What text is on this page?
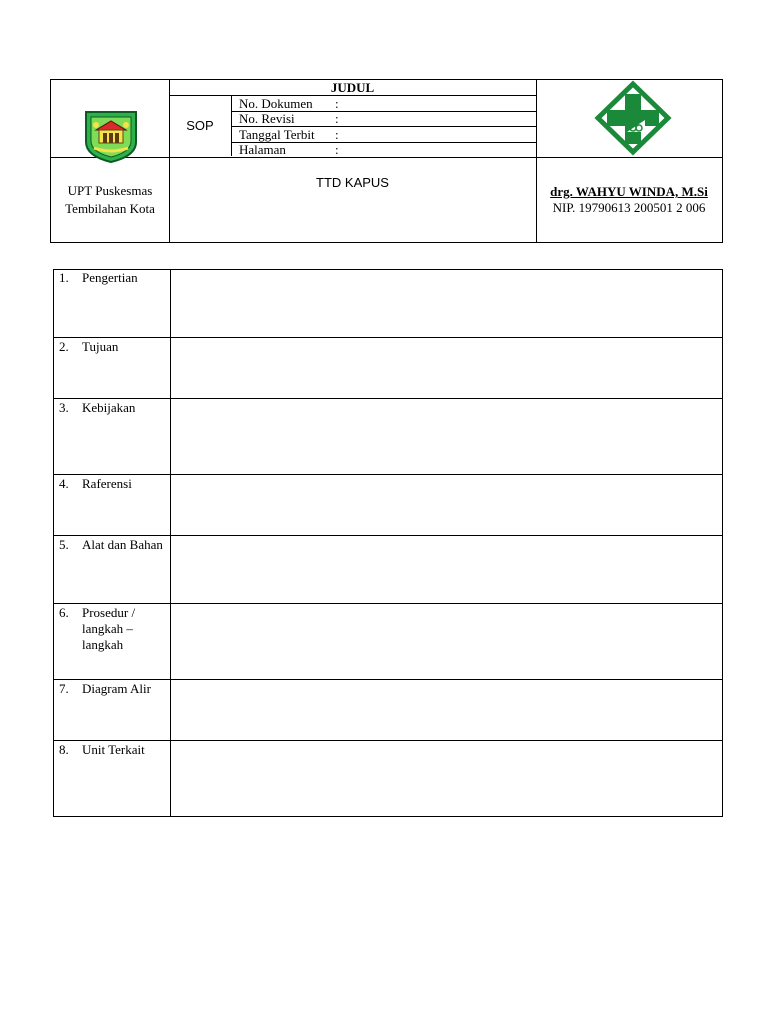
JUDUL
SOP
No. Dokumen :
No. Revisi	:
Tanggal Terbit :
Halaman	:
UPT Puskesmas
Tembilahan Kota
TTD KAPUS
drg. WAHYU WINDA, M.Si
NIP. 19790613 200501 2 006
1. Pengertian
2. Tujuan
3. Kebijakan
4. Raferensi
5. Alat dan Bahan
6. Prosedur / langkah – langkah
7. Diagram Alir
8. Unit Terkait
